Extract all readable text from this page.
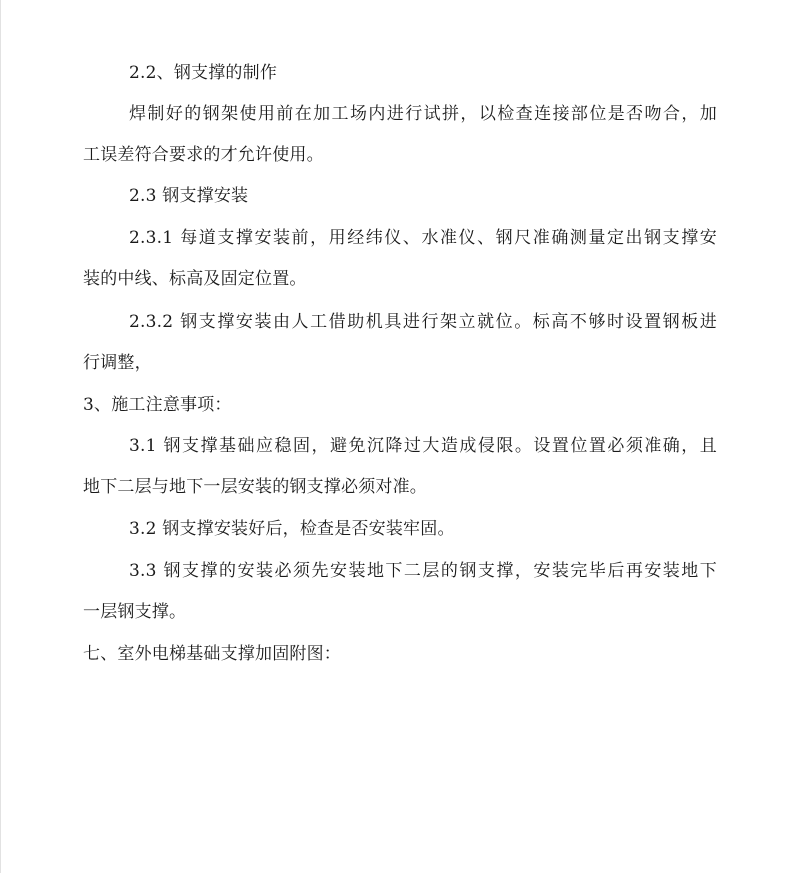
2.2、钢支撑的制作
焊制好的钢架使用前在加工场内进行试拼，以检查连接部位是否吻合，加
工误差符合要求的才允许使用。
2.3 钢支撑安装
2.3.1 每道支撑安装前，用经纬仪、水准仪、钢尺准确测量定出钢支撑安
装的中线、标高及固定位置。
2.3.2 钢支撑安装由人工借助机具进行架立就位。标高不够时设置钢板进
行调整，
3、施工注意事项：
3.1 钢支撑基础应稳固，避免沉降过大造成侵限。设置位置必须准确，且
地下二层与地下一层安装的钢支撑必须对准。
3.2 钢支撑安装好后，检查是否安装牢固。
3.3 钢支撑的安装必须先安装地下二层的钢支撑，安装完毕后再安装地下
一层钢支撑。
七、室外电梯基础支撑加固附图：
